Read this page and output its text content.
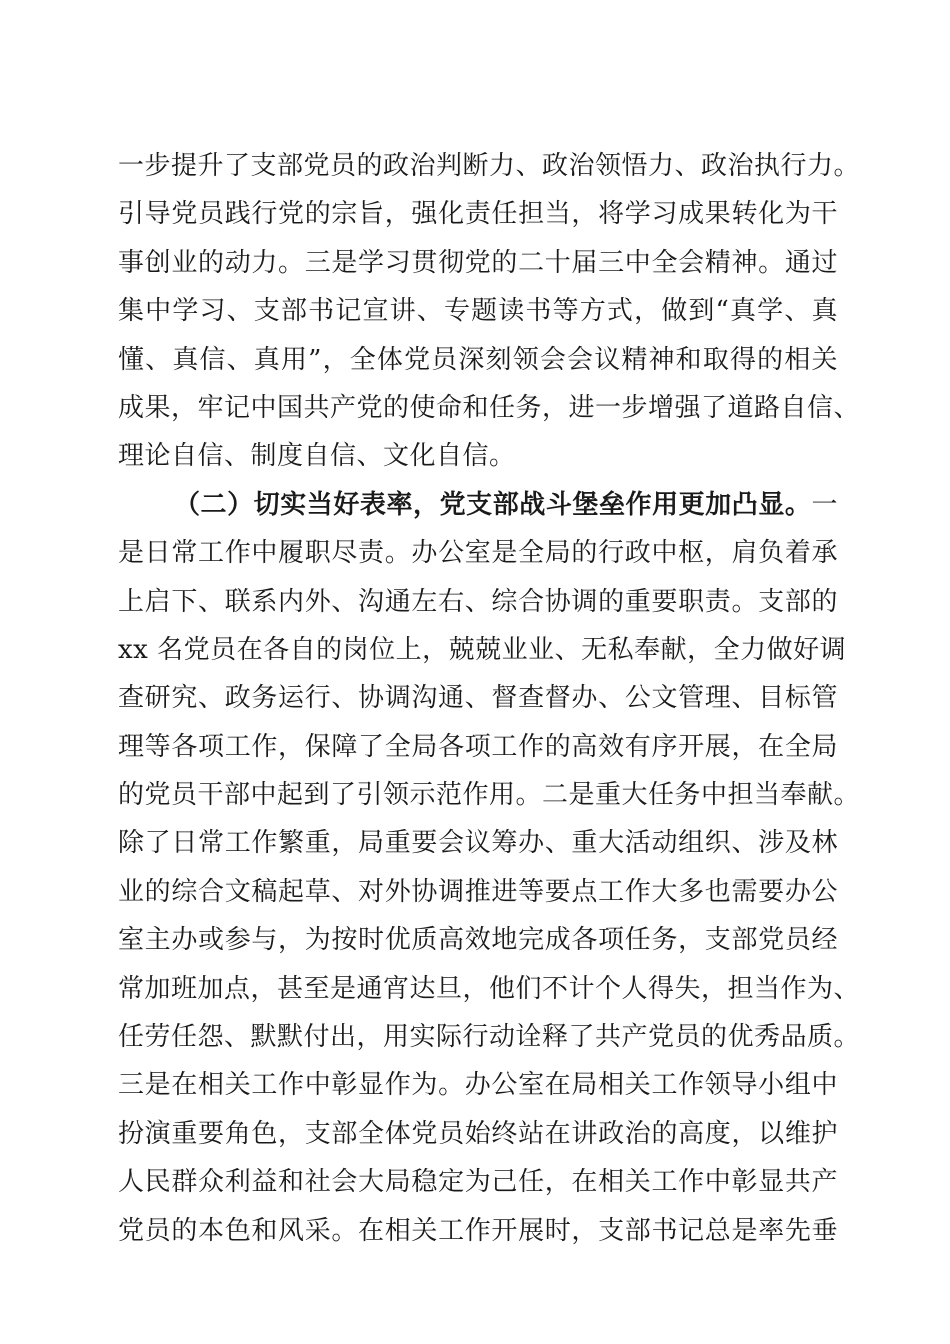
一步提升了支部党员的政治判断力、政治领悟力、政治执行力。
引导党员践行党的宗旨，强化责任担当，将学习成果转化为干
事创业的动力。三是学习贯彻党的二十届三中全会精神。通过
集中学习、支部书记宣讲、专题读书等方式，做到“真学、真
懂、真信、真用”，全体党员深刻领会会议精神和取得的相关
成果，牢记中国共产党的使命和任务，进一步增强了道路自信、
理论自信、制度自信、文化自信。
（二）切实当好表率，党支部战斗堡垒作用更加凸显。一
是日常工作中履职尽责。办公室是全局的行政中枢，肩负着承
上启下、联系内外、沟通左右、综合协调的重要职责。支部的
xx 名党员在各自的岗位上，兢兢业业、无私奉献，全力做好调
查研究、政务运行、协调沟通、督查督办、公文管理、目标管
理等各项工作，保障了全局各项工作的高效有序开展，在全局
的党员干部中起到了引领示范作用。二是重大任务中担当奉献。
除了日常工作繁重，局重要会议筹办、重大活动组织、涉及林
业的综合文稿起草、对外协调推进等要点工作大多也需要办公
室主办或参与，为按时优质高效地完成各项任务，支部党员经
常加班加点，甚至是通宵达旦，他们不计个人得失，担当作为、
任劳任怨、默默付出，用实际行动诠释了共产党员的优秀品质。
三是在相关工作中彰显作为。办公室在局相关工作领导小组中
扮演重要角色，支部全体党员始终站在讲政治的高度，以维护
人民群众利益和社会大局稳定为己任，在相关工作中彰显共产
党员的本色和风采。在相关工作开展时，支部书记总是率先垂
